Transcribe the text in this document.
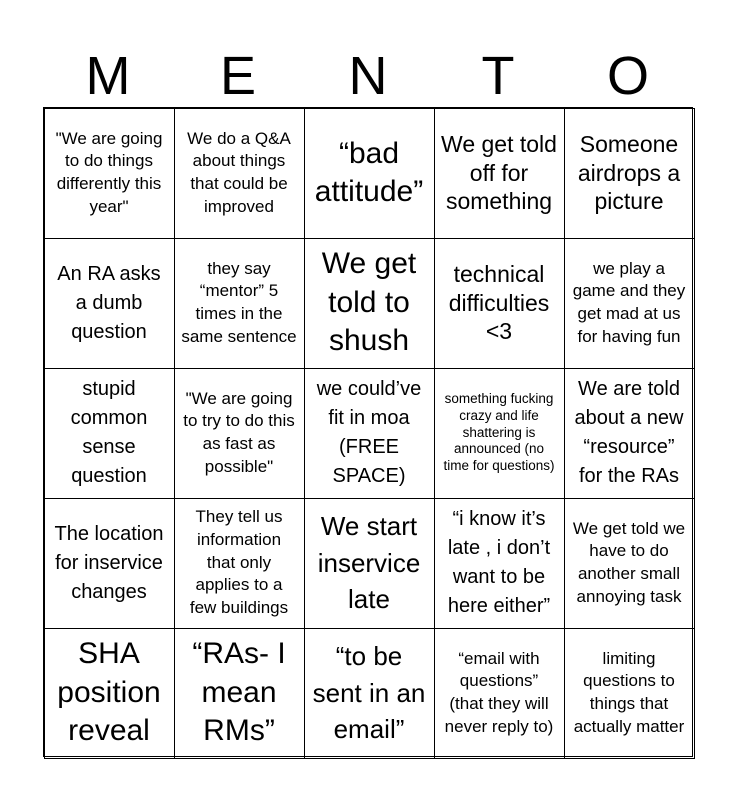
M	E	N	T	O
"We are going to do things differently this year"
We do a Q&A about things that could be improved
“bad attitude”
We get told off for something
Someone airdrops a picture
An RA asks a dumb question
they say “mentor” 5 times in the same sentence
We get told to shush
technical difficulties <3
we play a game and they get mad at us for having fun
stupid common sense question
"We are going to try to do this as fast as possible"
we could’ve fit in moa (FREE SPACE)
something fucking crazy and life shattering is announced (no time for questions)
We are told about a new “resource” for the RAs
The location for inservice changes
They tell us information that only applies to a few buildings
We start inservice late
“i know it’s late , i don’t want to be here either”
We get told we have to do another small annoying task
SHA position reveal
“RAs- I mean RMs”
“to be sent in an email”
“email with questions” (that they will never reply to)
limiting questions to things that actually matter
